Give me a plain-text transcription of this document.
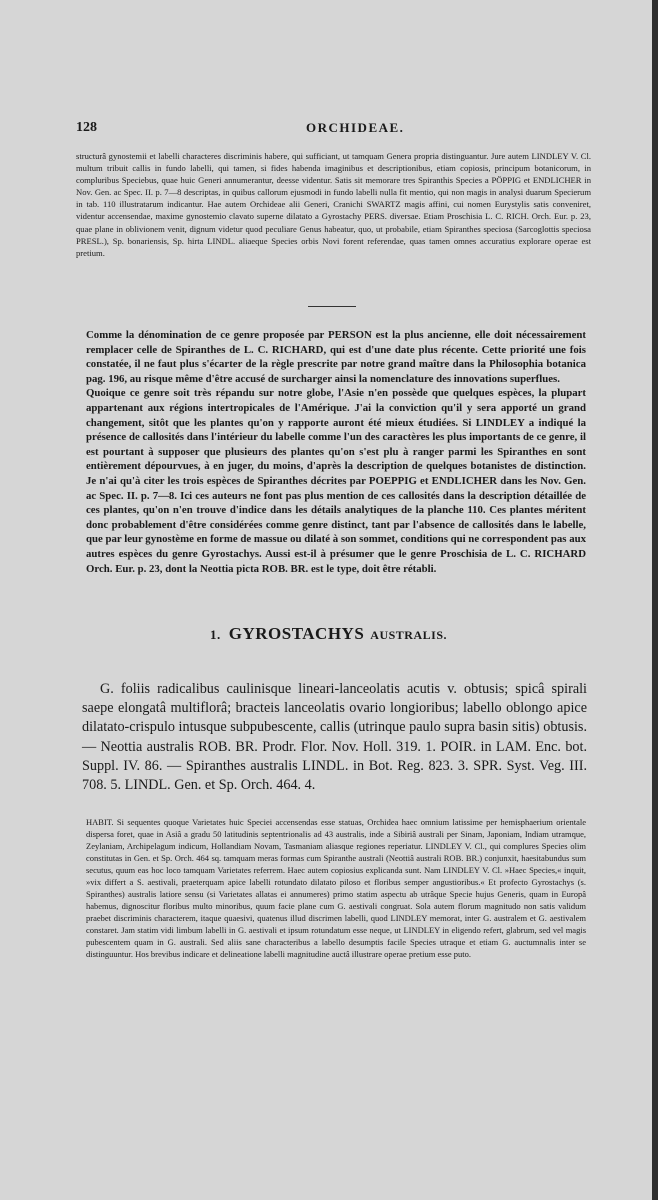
128	ORCHIDEAE.

structurâ gynostemii et labelli characteres discriminis habere, qui sufficiant, ut tamquam Genera propria distinguantur. Jure autem LINDLEY V. Cl. multum tribuit callis in fundo labelli, qui tamen, si fides habenda imaginibus et descriptionibus, etiam copiosis, principum botanicorum, in compluribus Speciebus, quae huic Generi annumerantur, deesse videntur. Satis sit memorare tres Spiranthis Species a PÖPPIG et ENDLICHER in Nov. Gen. ac Spec. II. p. 7—8 descriptas, in quibus callorum ejusmodi in fundo labelli nulla fit mentio, qui non magis in analysi duarum Specierum in tab. 110 illustratarum indicantur. Hae autem Orchideae alii Generi, Cranichi SWARTZ magis affini, cui nomen Eurystylis satis conveniret, videntur accensendae, maxime gynostemio clavato superne dilatato a Gyrostachy PERS. diversae. Etiam Proschisia L. C. RICH. Orch. Eur. p. 23, quae plane in oblivionem venit, dignum videtur quod peculiare Genus habeatur, quo, ut probabile, etiam Spiranthes speciosa (Sarcoglottis speciosa PRESL.), Sp. bonariensis, Sp. hirta LINDL. aliaeque Species orbis Novi forent referendae, quas tamen omnes accuratius explorare operae est pretium.

Comme la dénomination de ce genre proposée par PERSON est la plus ancienne, elle doit nécessairement remplacer celle de Spiranthes de L. C. RICHARD, qui est d'une date plus récente. Cette priorité une fois constatée, il ne faut plus s'écarter de la règle prescrite par notre grand maître dans la Philosophia botanica pag. 196, au risque même d'être accusé de surcharger ainsi la nomenclature des innovations superflues.

Quoique ce genre soit très répandu sur notre globe, l'Asie n'en possède que quelques espèces, la plupart appartenant aux régions intertropicales de l'Amérique. J'ai la conviction qu'il y sera apporté un grand changement, sitôt que les plantes qu'on y rapporte auront été mieux étudiées. Si LINDLEY a indiqué la présence de callosités dans l'intérieur du labelle comme l'un des caractères les plus importants de ce genre, il est pourtant à supposer que plusieurs des plantes qu'on s'est plu à ranger parmi les Spiranthes en sont entièrement dépourvues, à en juger, du moins, d'après la description de quelques botanistes de distinction. Je n'ai qu'à citer les trois espèces de Spiranthes décrites par POEPPIG et ENDLICHER dans les Nov. Gen. ac Spec. II. p. 7—8. Ici ces auteurs ne font pas plus mention de ces callosités dans la description détaillée de ces plantes, qu'on n'en trouve d'indice dans les détails analytiques de la planche 110. Ces plantes méritent donc probablement d'être considérées comme genre distinct, tant par l'absence de callosités dans le labelle, que par leur gynostème en forme de massue ou dilaté à son sommet, conditions qui ne correspondent pas aux autres espèces du genre Gyrostachys. Aussi est-il à présumer que le genre Proschisia de L. C. RICHARD Orch. Eur. p. 23, dont la Neottia picta ROB. BR. est le type, doit être rétabli.

1. GYROSTACHYS AUSTRALIS.

G. foliis radicalibus caulinisque lineari-lanceolatis acutis v. obtusis; spicâ spirali saepe elongatâ multiflorâ; bracteis lanceolatis ovario longioribus; labello oblongo apice dilatato-crispulo intusque subpubescente, callis (utrinque paulo supra basin sitis) obtusis. — Neottia australis ROB. BR. Prodr. Flor. Nov. Holl. 319. 1. POIR. in LAM. Enc. bot. Suppl. IV. 86. — Spiranthes australis LINDL. in Bot. Reg. 823. 3. SPR. Syst. Veg. III. 708. 5. LINDL. Gen. et Sp. Orch. 464. 4.

HABIT. Si sequentes quoque Varietates huic Speciei accensendas esse statuas, Orchidea haec omnium latissime per hemisphaerium orientale dispersa foret, quae in Asiâ a gradu 50 latitudinis septentrionalis ad 43 australis, inde a Sibiriâ australi per Sinam, Japoniam, Indiam utramque, Zeylaniam, Archipelagum indicum, Hollandiam Novam, Tasmaniam aliasque regiones reperiatur. LINDLEY V. Cl., qui complures Species olim constitutas in Gen. et Sp. Orch. 464 sq. tamquam meras formas cum Spiranthe australi (Neottiâ australi ROB. BR.) conjunxit, haesitabundus sum secutus, quum eas hoc loco tamquam Varietates referrem. Haec autem copiosius explicanda sunt. Nam LINDLEY V. Cl. »Haec Species,« inquit, »vix differt a S. aestivali, praeterquam apice labelli rotundato dilatato piloso et floribus semper angustioribus.« Et profecto Gyrostachys (s. Spiranthes) australis latiore sensu (si Varietates allatas ei annumeres) primo statim aspectu ab utrâque Specie hujus Generis, quam in Europâ habemus, dignoscitur floribus multo minoribus, quum facie plane cum G. aestivali congruat. Sola autem florum magnitudo non satis validum praebet discriminis characterem, itaque quaesivi, quatenus illud discrimen labelli, quod LINDLEY memorat, inter G. australem et G. aestivalem constaret. Jam statim vidi limbum labelli in G. aestivali et ipsum rotundatum esse neque, ut LINDLEY in eligendo refert, glabrum, sed vel magis pubescentem quam in G. australi. Sed aliis sane characteribus a labello desumptis facile Species utraque et etiam G. auctumnalis inter se distinguuntur. Hos brevibus indicare et delineatione labelli magnitudine auctâ illustrare operae pretium esse puto.
